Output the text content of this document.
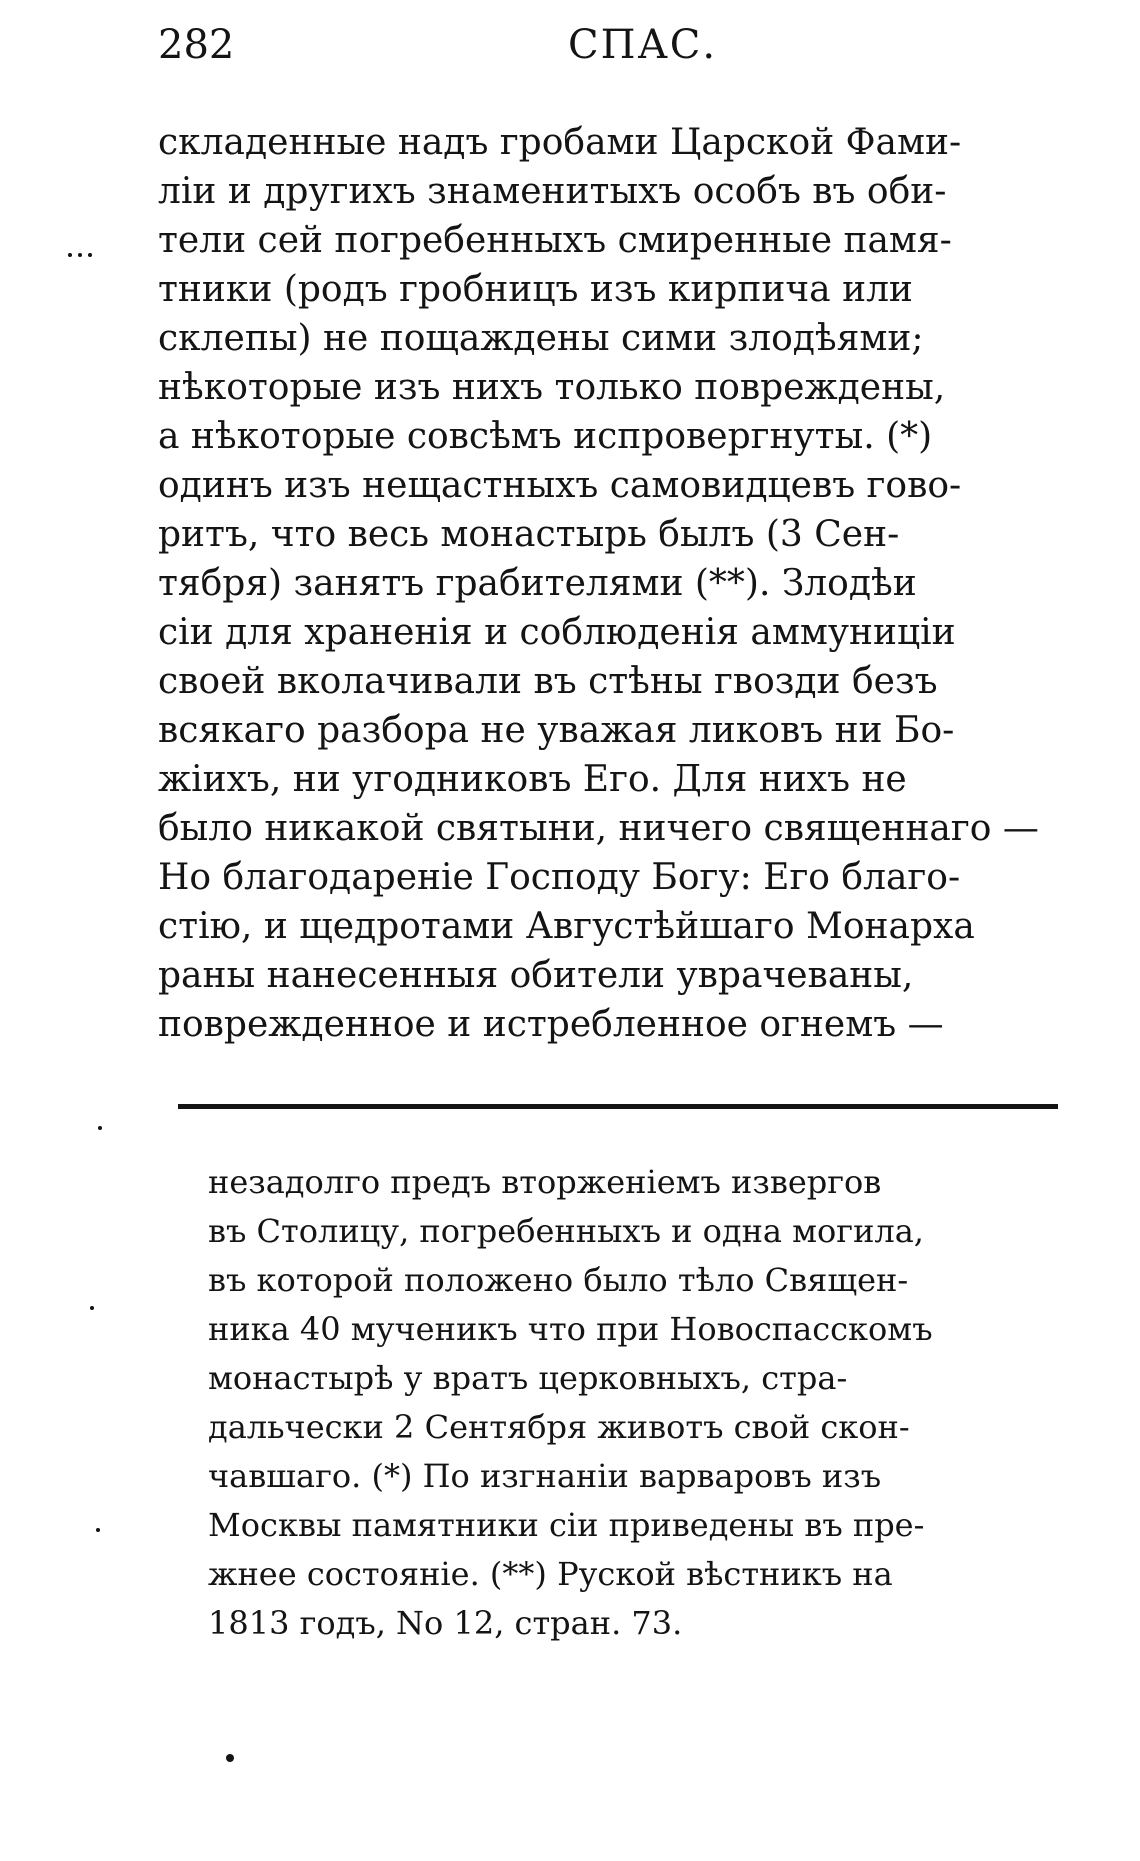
282	СПАС.
складенные надъ гробами Царской Фами-
лiи и другихъ знаменитыхъ особъ въ оби-
тели сей погребенныхъ смиренные памя-
тники (родъ гробницъ изъ кирпича или
склепы) не пощаждены сими злодѣями;
нѣкоторые изъ нихъ только повреждены,
а нѣкоторые совсѣмъ испровергнуты. (*)
одинъ изъ нещастныхъ самовидцевъ гово-
ритъ, что весь монастырь былъ (3 Сен-
тября) занятъ грабителями (**). Злодѣи
сiи для храненiя и соблюденiя аммуницiи
своей вколачивали въ стѣны гвозди безъ
всякаго разбора не уважая ликовъ ни Бо-
жiихъ, ни угодниковъ Его. Для нихъ не
было никакой святыни, ничего священнаго —
Но благодаренiе Господу Богу: Его благо-
стiю, и щедротами Августѣйшаго Монарха
раны нанесенныя обители уврачеваны,
поврежденное и истребленное огнемъ —
незадолго предъ вторженiемъ извергов
въ Столицу, погребенныхъ и одна могила,
въ которой положено было тѣло Священ-
ника 40 мученикъ что при Новоспасскомъ
монастырѣ у вратъ церковныхъ, стра-
дальчески 2 Сентября животъ свой скон-
чавшаго. (*) По изгнанiи варваровъ изъ
Москвы памятники сiи приведены въ пре-
жнее состоянiе. (**) Руской вѣстникъ на
1813 годъ, No 12, стран. 73.
